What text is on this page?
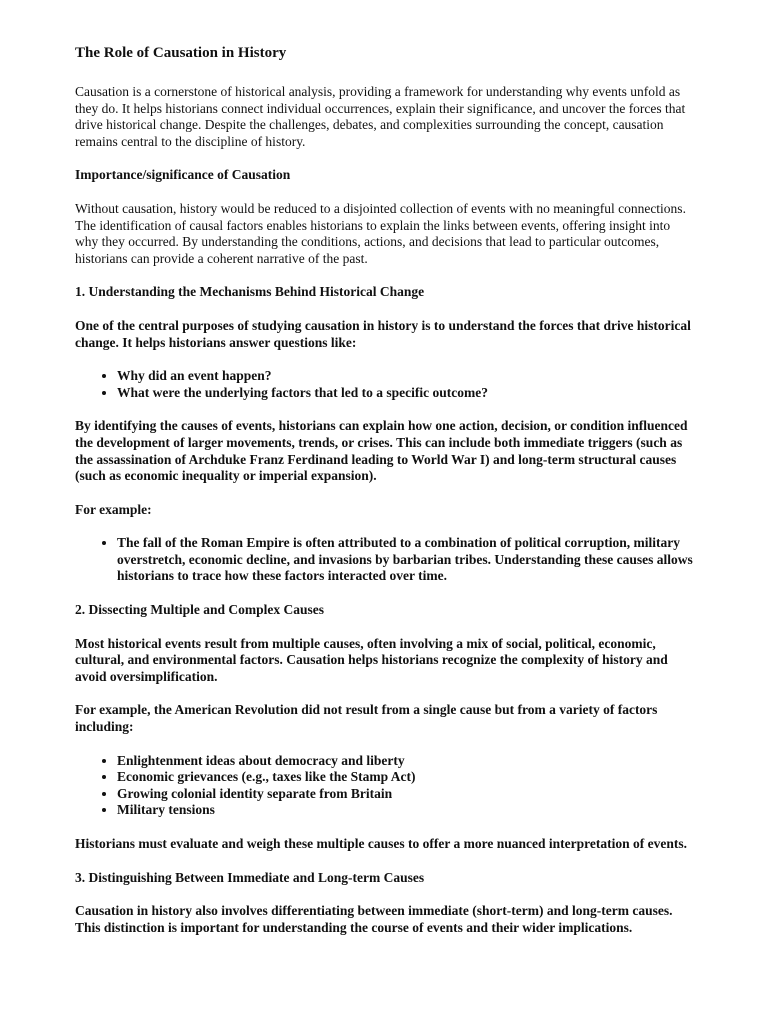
The Role of Causation in History

Causation is a cornerstone of historical analysis, providing a framework for understanding why events unfold as they do. It helps historians connect individual occurrences, explain their significance, and uncover the forces that drive historical change. Despite the challenges, debates, and complexities surrounding the concept, causation remains central to the discipline of history.

Importance/significance of Causation

Without causation, history would be reduced to a disjointed collection of events with no meaningful connections. The identification of causal factors enables historians to explain the links between events, offering insight into why they occurred. By understanding the conditions, actions, and decisions that lead to particular outcomes, historians can provide a coherent narrative of the past.

1. Understanding the Mechanisms Behind Historical Change

One of the central purposes of studying causation in history is to understand the forces that drive historical change. It helps historians answer questions like:

• Why did an event happen?
• What were the underlying factors that led to a specific outcome?

By identifying the causes of events, historians can explain how one action, decision, or condition influenced the development of larger movements, trends, or crises. This can include both immediate triggers (such as the assassination of Archduke Franz Ferdinand leading to World War I) and long-term structural causes (such as economic inequality or imperial expansion).

For example:

• The fall of the Roman Empire is often attributed to a combination of political corruption, military overstretch, economic decline, and invasions by barbarian tribes. Understanding these causes allows historians to trace how these factors interacted over time.

2. Dissecting Multiple and Complex Causes

Most historical events result from multiple causes, often involving a mix of social, political, economic, cultural, and environmental factors. Causation helps historians recognize the complexity of history and avoid oversimplification.

For example, the American Revolution did not result from a single cause but from a variety of factors including:

• Enlightenment ideas about democracy and liberty
• Economic grievances (e.g., taxes like the Stamp Act)
• Growing colonial identity separate from Britain
• Military tensions

Historians must evaluate and weigh these multiple causes to offer a more nuanced interpretation of events.

3. Distinguishing Between Immediate and Long-term Causes

Causation in history also involves differentiating between immediate (short-term) and long-term causes. This distinction is important for understanding the course of events and their wider implications.
